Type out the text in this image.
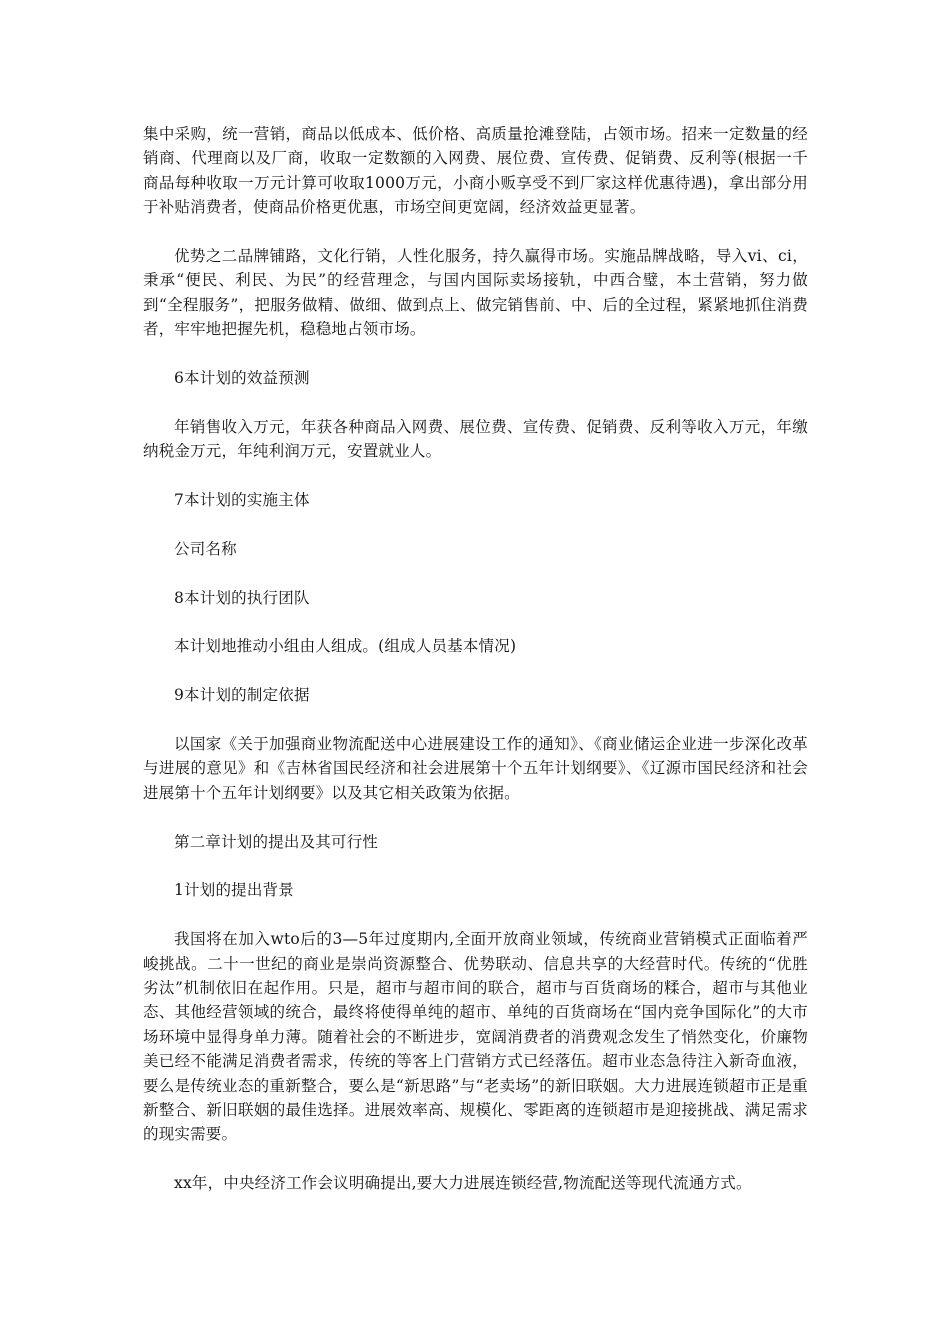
集中采购，统一营销，商品以低成本、低价格、高质量抢滩登陆，占领市场。招来一定数量的经销商、代理商以及厂商，收取一定数额的入网费、展位费、宣传费、促销费、反利等(根据一千商品每种收取一万元计算可收取1000万元，小商小贩享受不到厂家这样优惠待遇)，拿出部分用于补贴消费者，使商品价格更优惠，市场空间更宽阔，经济效益更显著。

优势之二品牌铺路，文化行销，人性化服务，持久赢得市场。实施品牌战略，导入vi、ci，秉承“便民、利民、为民”的经营理念，与国内国际卖场接轨，中西合璧，本土营销，努力做到“全程服务”，把服务做精、做细、做到点上、做完销售前、中、后的全过程，紧紧地抓住消费者，牢牢地把握先机，稳稳地占领市场。

6本计划的效益预测

年销售收入万元，年获各种商品入网费、展位费、宣传费、促销费、反利等收入万元，年缴纳税金万元，年纯利润万元，安置就业人。

7本计划的实施主体

公司名称

8本计划的执行团队

本计划地推动小组由人组成。(组成人员基本情况)

9本计划的制定依据

以国家《关于加强商业物流配送中心进展建设工作的通知》、《商业储运企业进一步深化改革与进展的意见》和《吉林省国民经济和社会进展第十个五年计划纲要》、《辽源市国民经济和社会进展第十个五年计划纲要》以及其它相关政策为依据。

第二章计划的提出及其可行性

1计划的提出背景

我国将在加入wto后的3—5年过度期内,全面开放商业领域，传统商业营销模式正面临着严峻挑战。二十一世纪的商业是崇尚资源整合、优势联动、信息共享的大经营时代。传统的“优胜劣汰”机制依旧在起作用。只是，超市与超市间的联合，超市与百货商场的糅合，超市与其他业态、其他经营领域的统合，最终将使得单纯的超市、单纯的百货商场在“国内竞争国际化”的大市场环境中显得身单力薄。随着社会的不断进步，宽阔消费者的消费观念发生了悄然变化，价廉物美已经不能满足消费者需求，传统的等客上门营销方式已经落伍。超市业态急待注入新奇血液，要么是传统业态的重新整合，要么是“新思路”与“老卖场”的新旧联姻。大力进展连锁超市正是重新整合、新旧联姻的最佳选择。进展效率高、规模化、零距离的连锁超市是迎接挑战、满足需求的现实需要。

xx年，中央经济工作会议明确提出,要大力进展连锁经营,物流配送等现代流通方式。
